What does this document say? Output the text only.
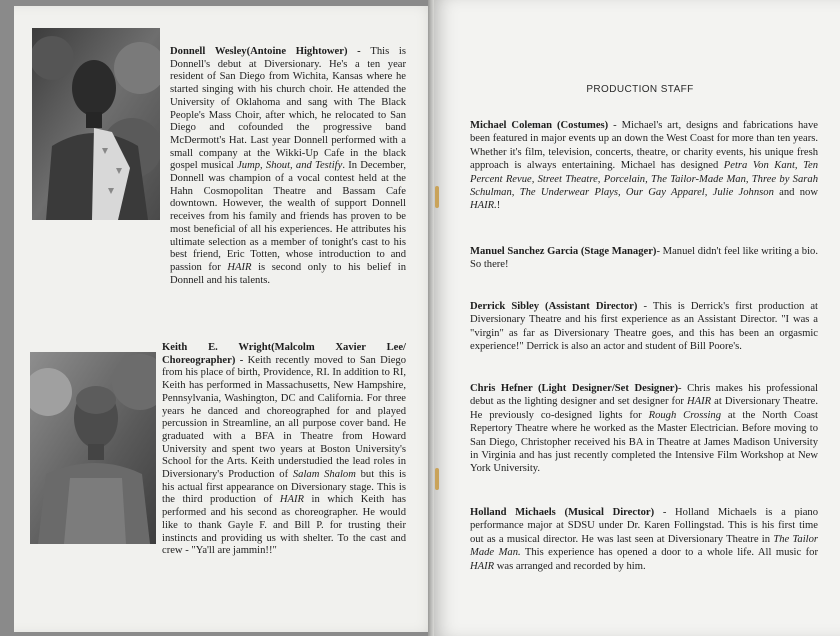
Donnell Wesley(Antoine Hightower) - This is Donnell's debut at Diversionary. He's a ten year resident of San Diego from Wichita, Kansas where he started singing with his church choir. He attended the University of Oklahoma and sang with The Black People's Mass Choir, after which, he relocated to San Diego and cofounded the progressive band McDermott's Hat. Last year Donnell performed with a small company at the Wikki-Up Cafe in the black gospel musical Jump, Shout, and Testify. In December, Donnell was champion of a vocal contest held at the Hahn Cosmopolitan Theatre and Bassam Cafe downtown. However, the wealth of support Donnell receives from his family and friends has proven to be most beneficial of all his experiences. He attributes his ultimate selection as a member of tonight's cast to his best friend, Eric Totten, whose introduction to and passion for HAIR is second only to his belief in Donnell and his talents.

Keith E. Wright(Malcolm Xavier Lee/ Choreographer) - Keith recently moved to San Diego from his place of birth, Providence, RI. In addition to RI, Keith has performed in Massachusetts, New Hampshire, Pennsylvania, Washington, DC and California. For three years he danced and choreographed for and played percussion in Streamline, an all purpose cover band. He graduated with a BFA in Theatre from Howard University and spent two years at Boston University's School for the Arts. Keith understudied the lead roles in Diversionary's Production of Salam Shalom but this is his actual first appearance on Diversionary stage. This is the third production of HAIR in which Keith has performed and his second as choreographer. He would like to thank Gayle F. and Bill P. for trusting their instincts and providing us with shelter. To the cast and crew - "Ya'll are jammin!!"

PRODUCTION STAFF

Michael Coleman (Costumes) - Michael's art, designs and fabrications have been featured in major events up an down the West Coast for more than ten years. Whether it's film, television, concerts, theatre, or charity events, his unique fresh approach is always entertaining. Michael has designed Petra Von Kant, Ten Percent Revue, Street Theatre, Porcelain, The Tailor-Made Man, Three by Sarah Schulman, The Underwear Plays, Our Gay Apparel, Julie Johnson and now HAIR.!

Manuel Sanchez Garcia (Stage Manager)- Manuel didn't feel like writing a bio. So there!

Derrick Sibley (Assistant Director) - This is Derrick's first production at Diversionary Theatre and his first experience as an Assistant Director. "I was a "virgin" as far as Diversionary Theatre goes, and this has been an orgasmic experience!" Derrick is also an actor and student of Bill Poore's.

Chris Hefner (Light Designer/Set Designer)- Chris makes his professional debut as the lighting designer and set designer for HAIR at Diversionary Theatre. He previously co-designed lights for Rough Crossing at the North Coast Repertory Theatre where he worked as the Master Electrician. Before moving to San Diego, Christopher received his BA in Theatre at James Madison University in Virginia and has just recently completed the Intensive Film Workshop at New York University.

Holland Michaels (Musical Director) - Holland Michaels is a piano performance major at SDSU under Dr. Karen Follingstad. This is his first time out as a musical director. He was last seen at Diversionary Theatre in The Tailor Made Man. This experience has opened a door to a whole life. All music for HAIR was arranged and recorded by him.
